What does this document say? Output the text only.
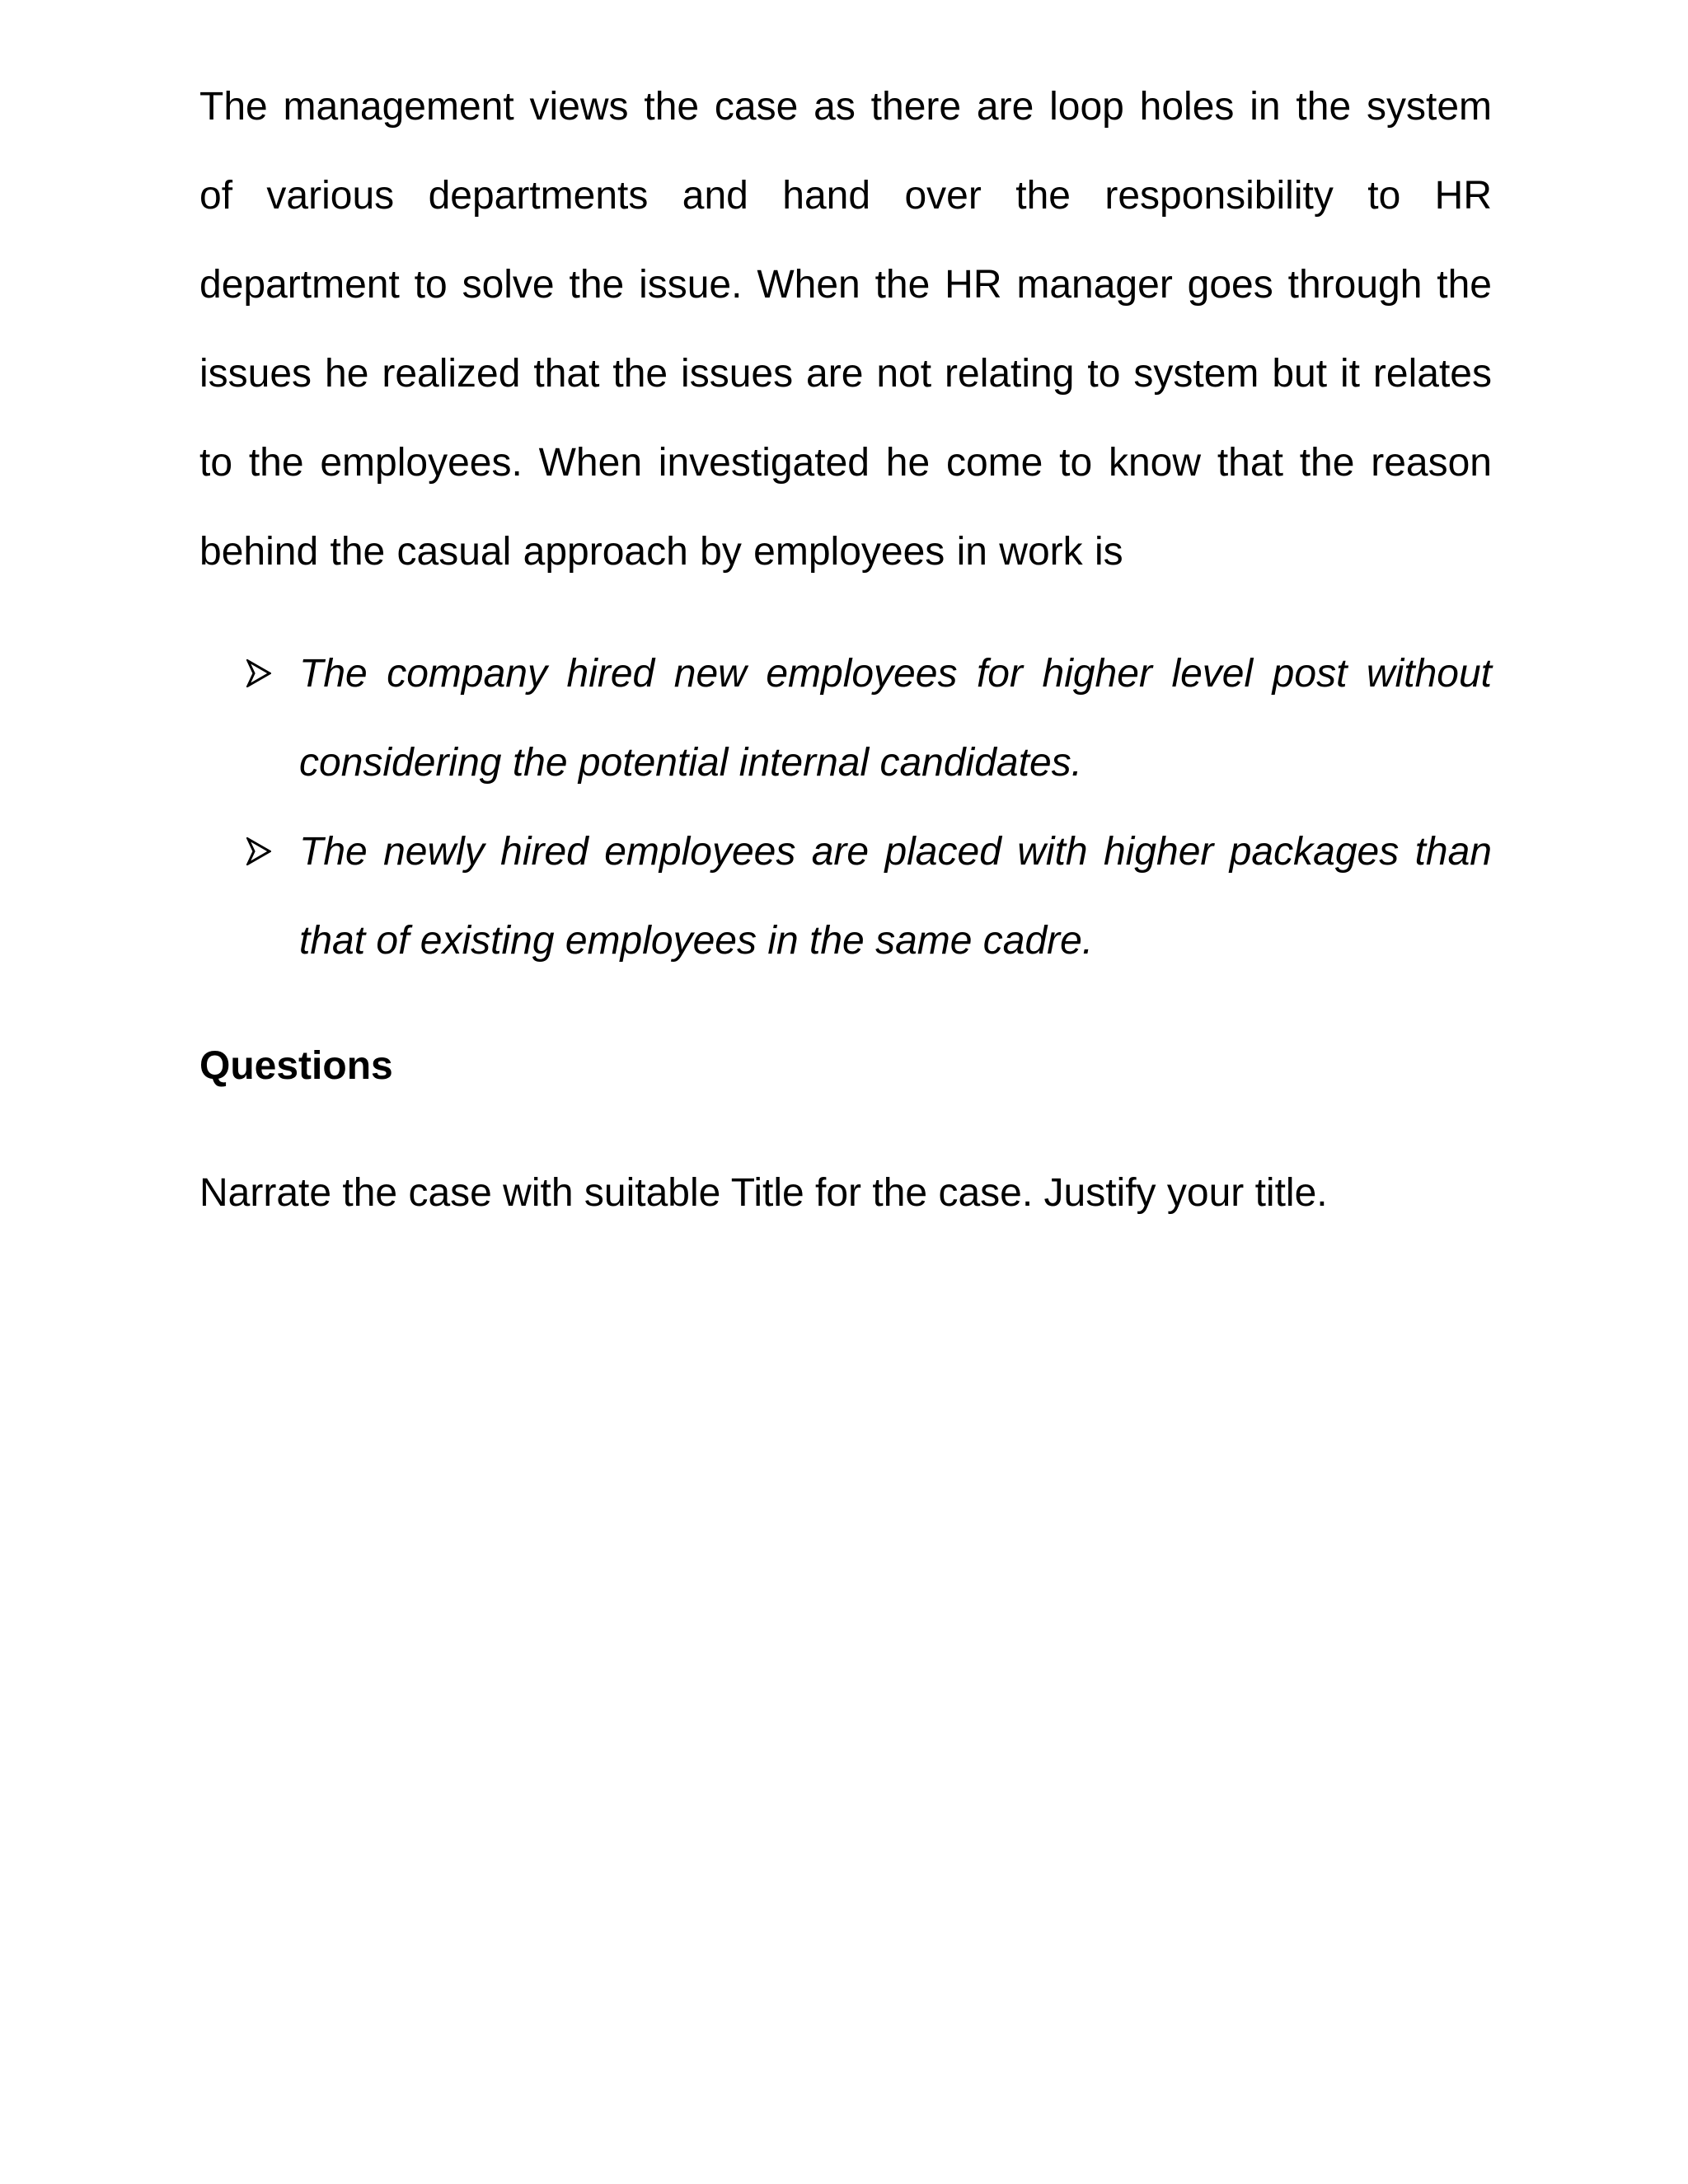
The management views the case as there are loop holes in the system of various departments and hand over the responsibility to HR department to solve the issue. When the HR manager goes through the issues he realized that the issues are not relating to system but it relates to the employees. When investigated he come to know that the reason behind the casual approach by employees in work is

The company hired new employees for higher level post without considering the potential internal candidates.
The newly hired employees are placed with higher packages than that of existing employees in the same cadre.
Questions

Narrate the case with suitable Title for the case. Justify your title.
